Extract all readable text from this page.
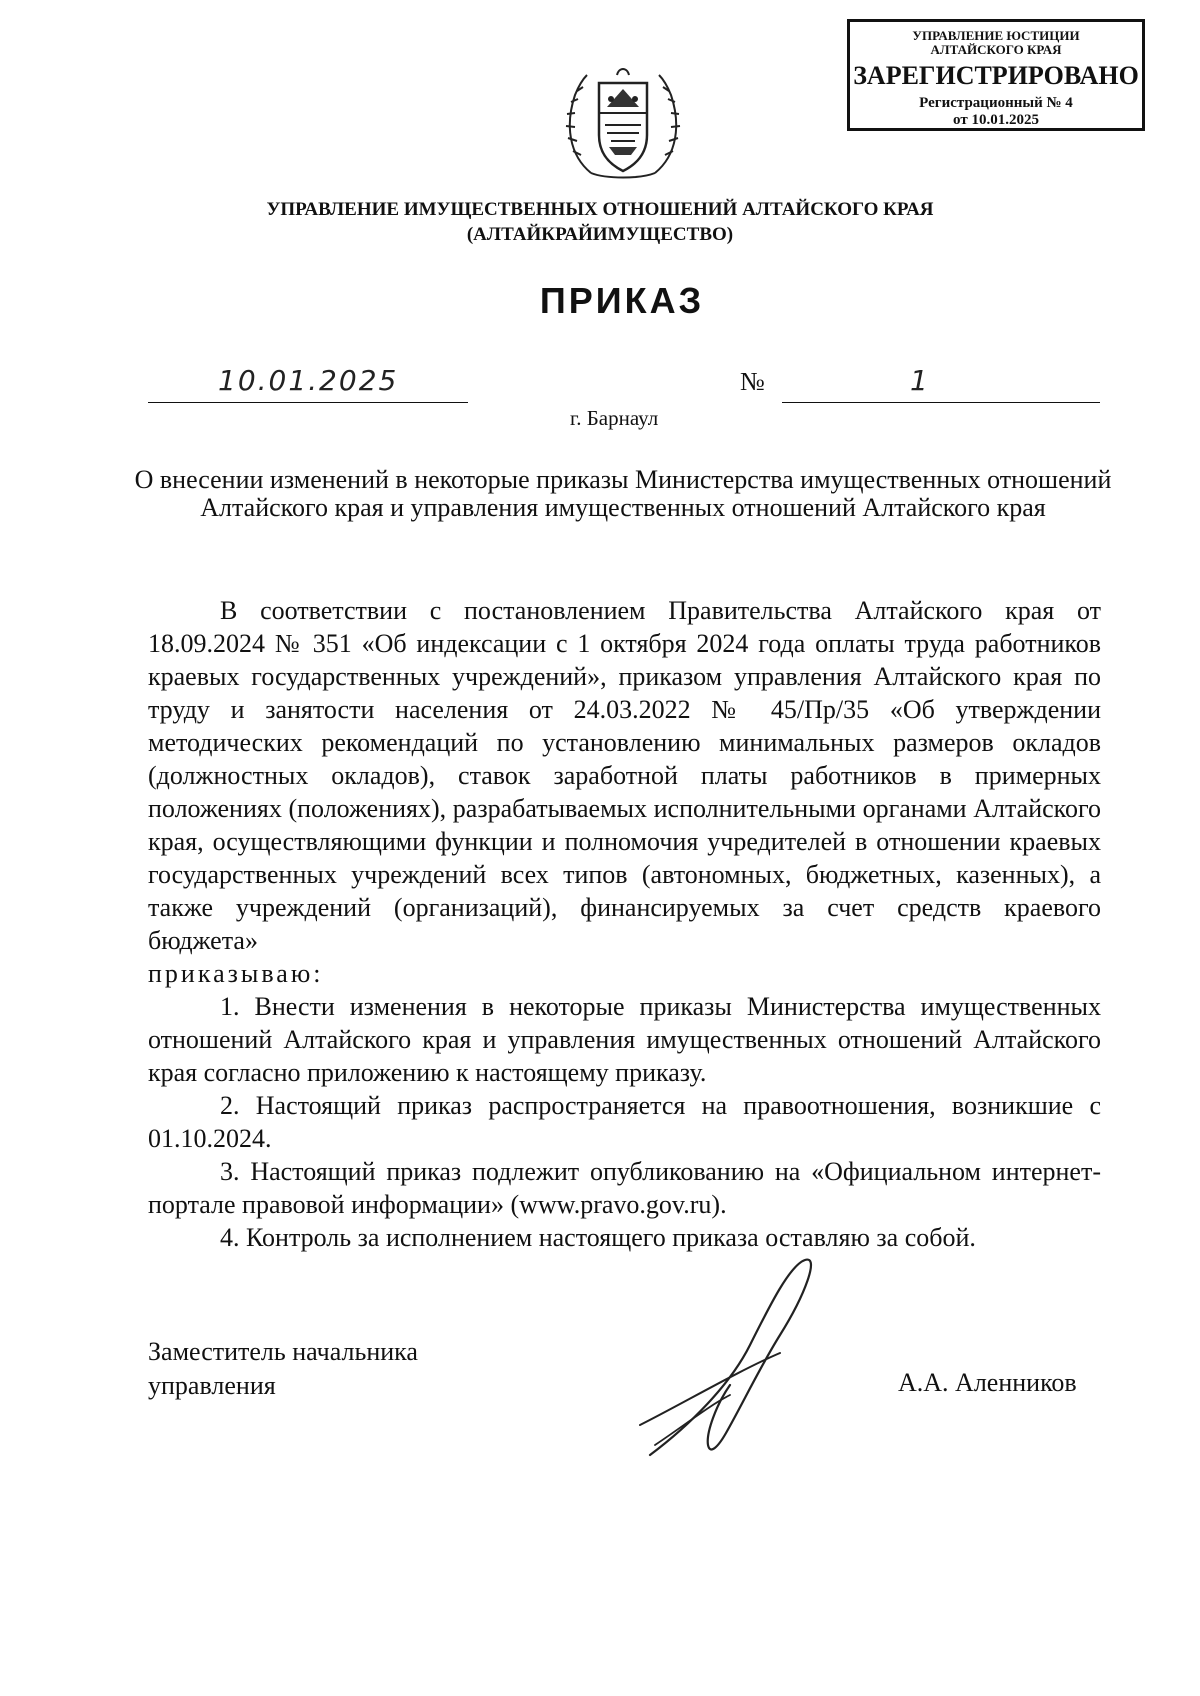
УПРАВЛЕНИЕ ЮСТИЦИИ
АЛТАЙСКОГО КРАЯ
ЗАРЕГИСТРИРОВАНО
Регистрационный № 4
от 10.01.2025
УПРАВЛЕНИЕ ИМУЩЕСТВЕННЫХ ОТНОШЕНИЙ АЛТАЙСКОГО КРАЯ
(АЛТАЙКРАЙИМУЩЕСТВО)
ПРИКАЗ
10.01.2025	№	1
г. Барнаул
О внесении изменений в некоторые приказы Министерства имущественных отношений Алтайского края и управления имущественных отношений Алтайского края

В соответствии с постановлением Правительства Алтайского края от 18.09.2024 № 351 «Об индексации с 1 октября 2024 года оплаты труда работников краевых государственных учреждений», приказом управления Алтайского края по труду и занятости населения от 24.03.2022 № 45/Пр/35 «Об утверждении методических рекомендаций по установлению минимальных размеров окладов (должностных окладов), ставок заработной платы работников в примерных положениях (положениях), разрабатываемых исполнительными органами Алтайского края, осуществляющими функции и полномочия учредителей в отношении краевых государственных учреждений всех типов (автономных, бюджетных, казенных), а также учреждений (организаций), финансируемых за счет средств краевого бюджета»

приказываю:

1. Внести изменения в некоторые приказы Министерства имущественных отношений Алтайского края и управления имущественных отношений Алтайского края согласно приложению к настоящему приказу.

2. Настоящий приказ распространяется на правоотношения, возникшие с 01.10.2024.

3. Настоящий приказ подлежит опубликованию на «Официальном интернет-портале правовой информации» (www.pravo.gov.ru).

4. Контроль за исполнением настоящего приказа оставляю за собой.

Заместитель начальника
управления	А.А. Аленников
